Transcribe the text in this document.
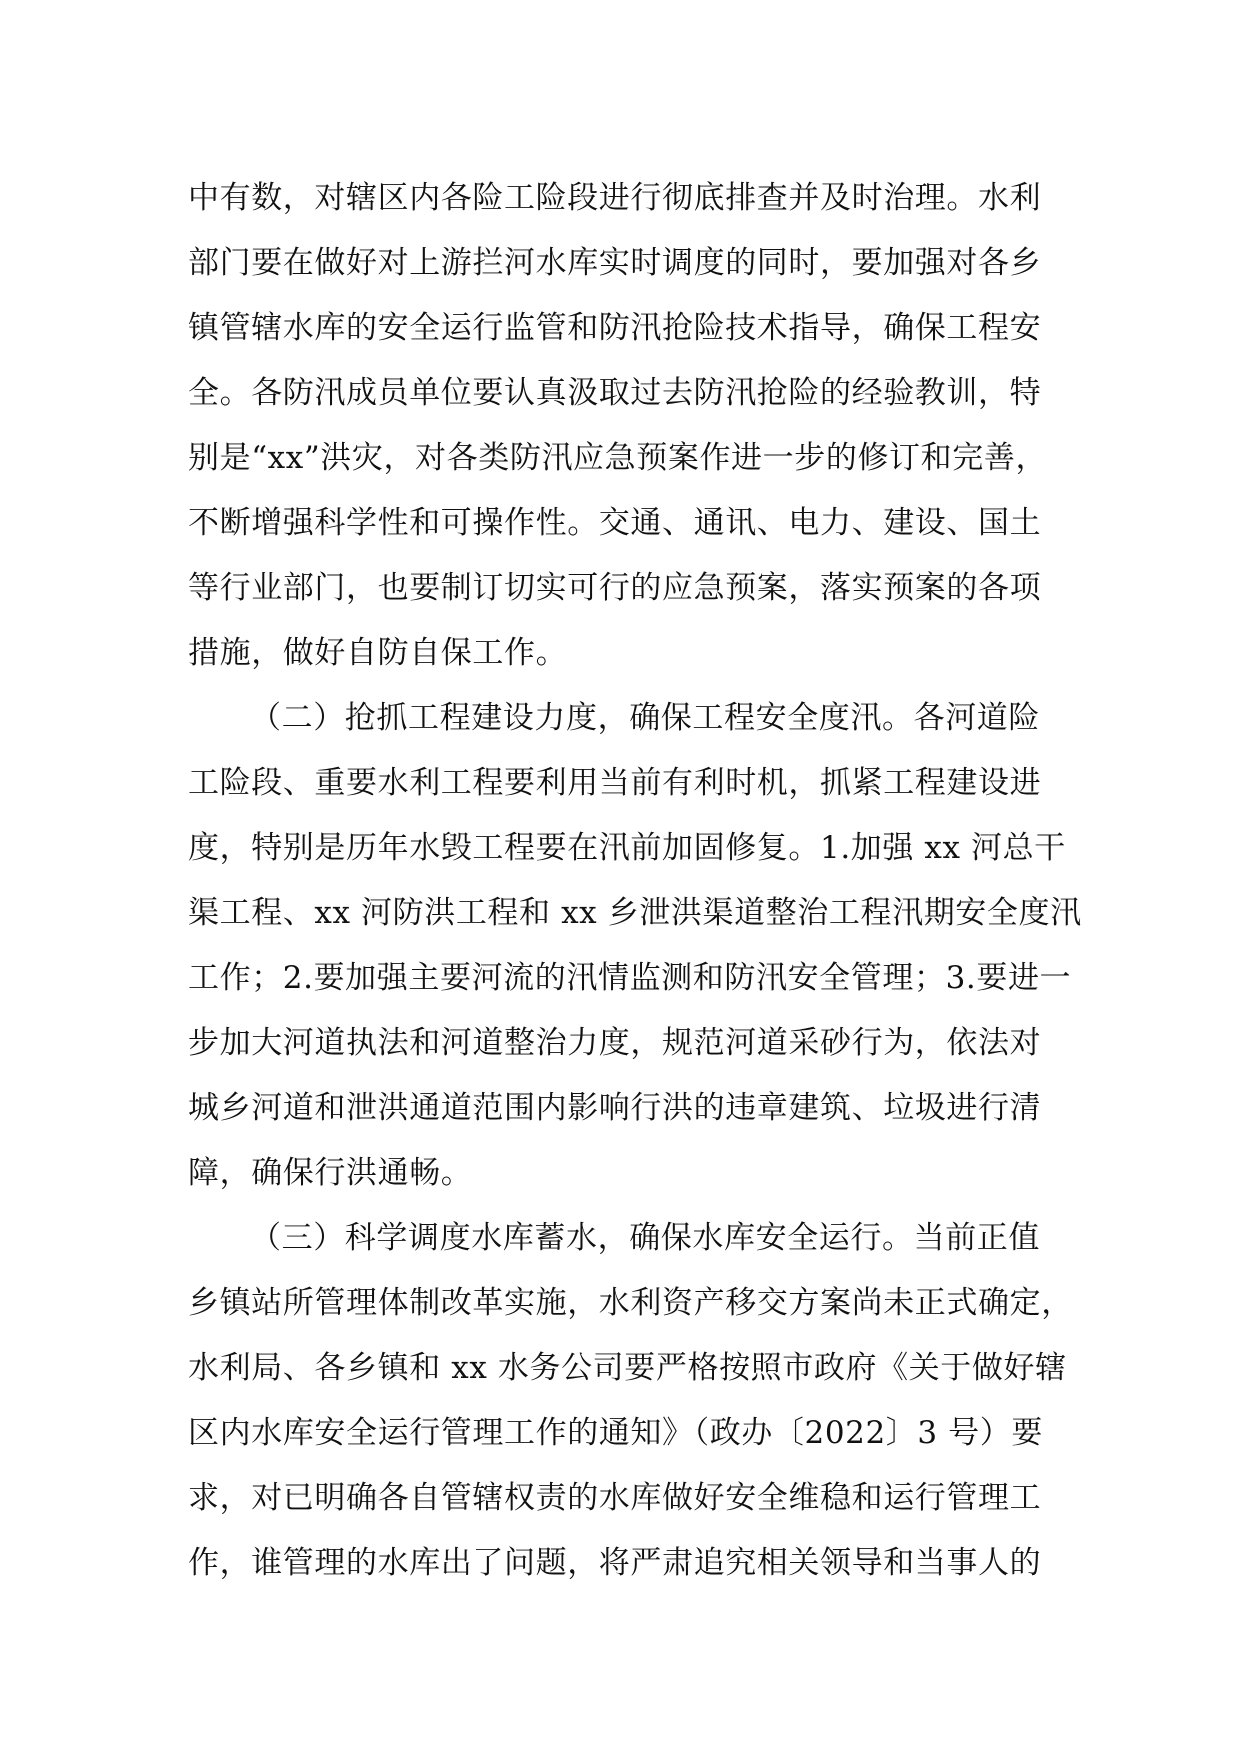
中有数，对辖区内各险工险段进行彻底排查并及时治理。水利
部门要在做好对上游拦河水库实时调度的同时，要加强对各乡
镇管辖水库的安全运行监管和防汛抢险技术指导，确保工程安
全。各防汛成员单位要认真汲取过去防汛抢险的经验教训，特
别是“xx”洪灾，对各类防汛应急预案作进一步的修订和完善，
不断增强科学性和可操作性。交通、通讯、电力、建设、国土
等行业部门，也要制订切实可行的应急预案，落实预案的各项
措施，做好自防自保工作。
（二）抢抓工程建设力度，确保工程安全度汛。各河道险
工险段、重要水利工程要利用当前有利时机，抓紧工程建设进
度，特别是历年水毁工程要在汛前加固修复。1.加强 xx 河总干
渠工程、xx 河防洪工程和 xx 乡泄洪渠道整治工程汛期安全度汛
工作；2.要加强主要河流的汛情监测和防汛安全管理；3.要进一
步加大河道执法和河道整治力度，规范河道采砂行为，依法对
城乡河道和泄洪通道范围内影响行洪的违章建筑、垃圾进行清
障，确保行洪通畅。
（三）科学调度水库蓄水，确保水库安全运行。当前正值
乡镇站所管理体制改革实施，水利资产移交方案尚未正式确定，
水利局、各乡镇和 xx 水务公司要严格按照市政府《关于做好辖
区内水库安全运行管理工作的通知》（政办〔2022〕3 号）要
求，对已明确各自管辖权责的水库做好安全维稳和运行管理工
作，谁管理的水库出了问题，将严肃追究相关领导和当事人的
